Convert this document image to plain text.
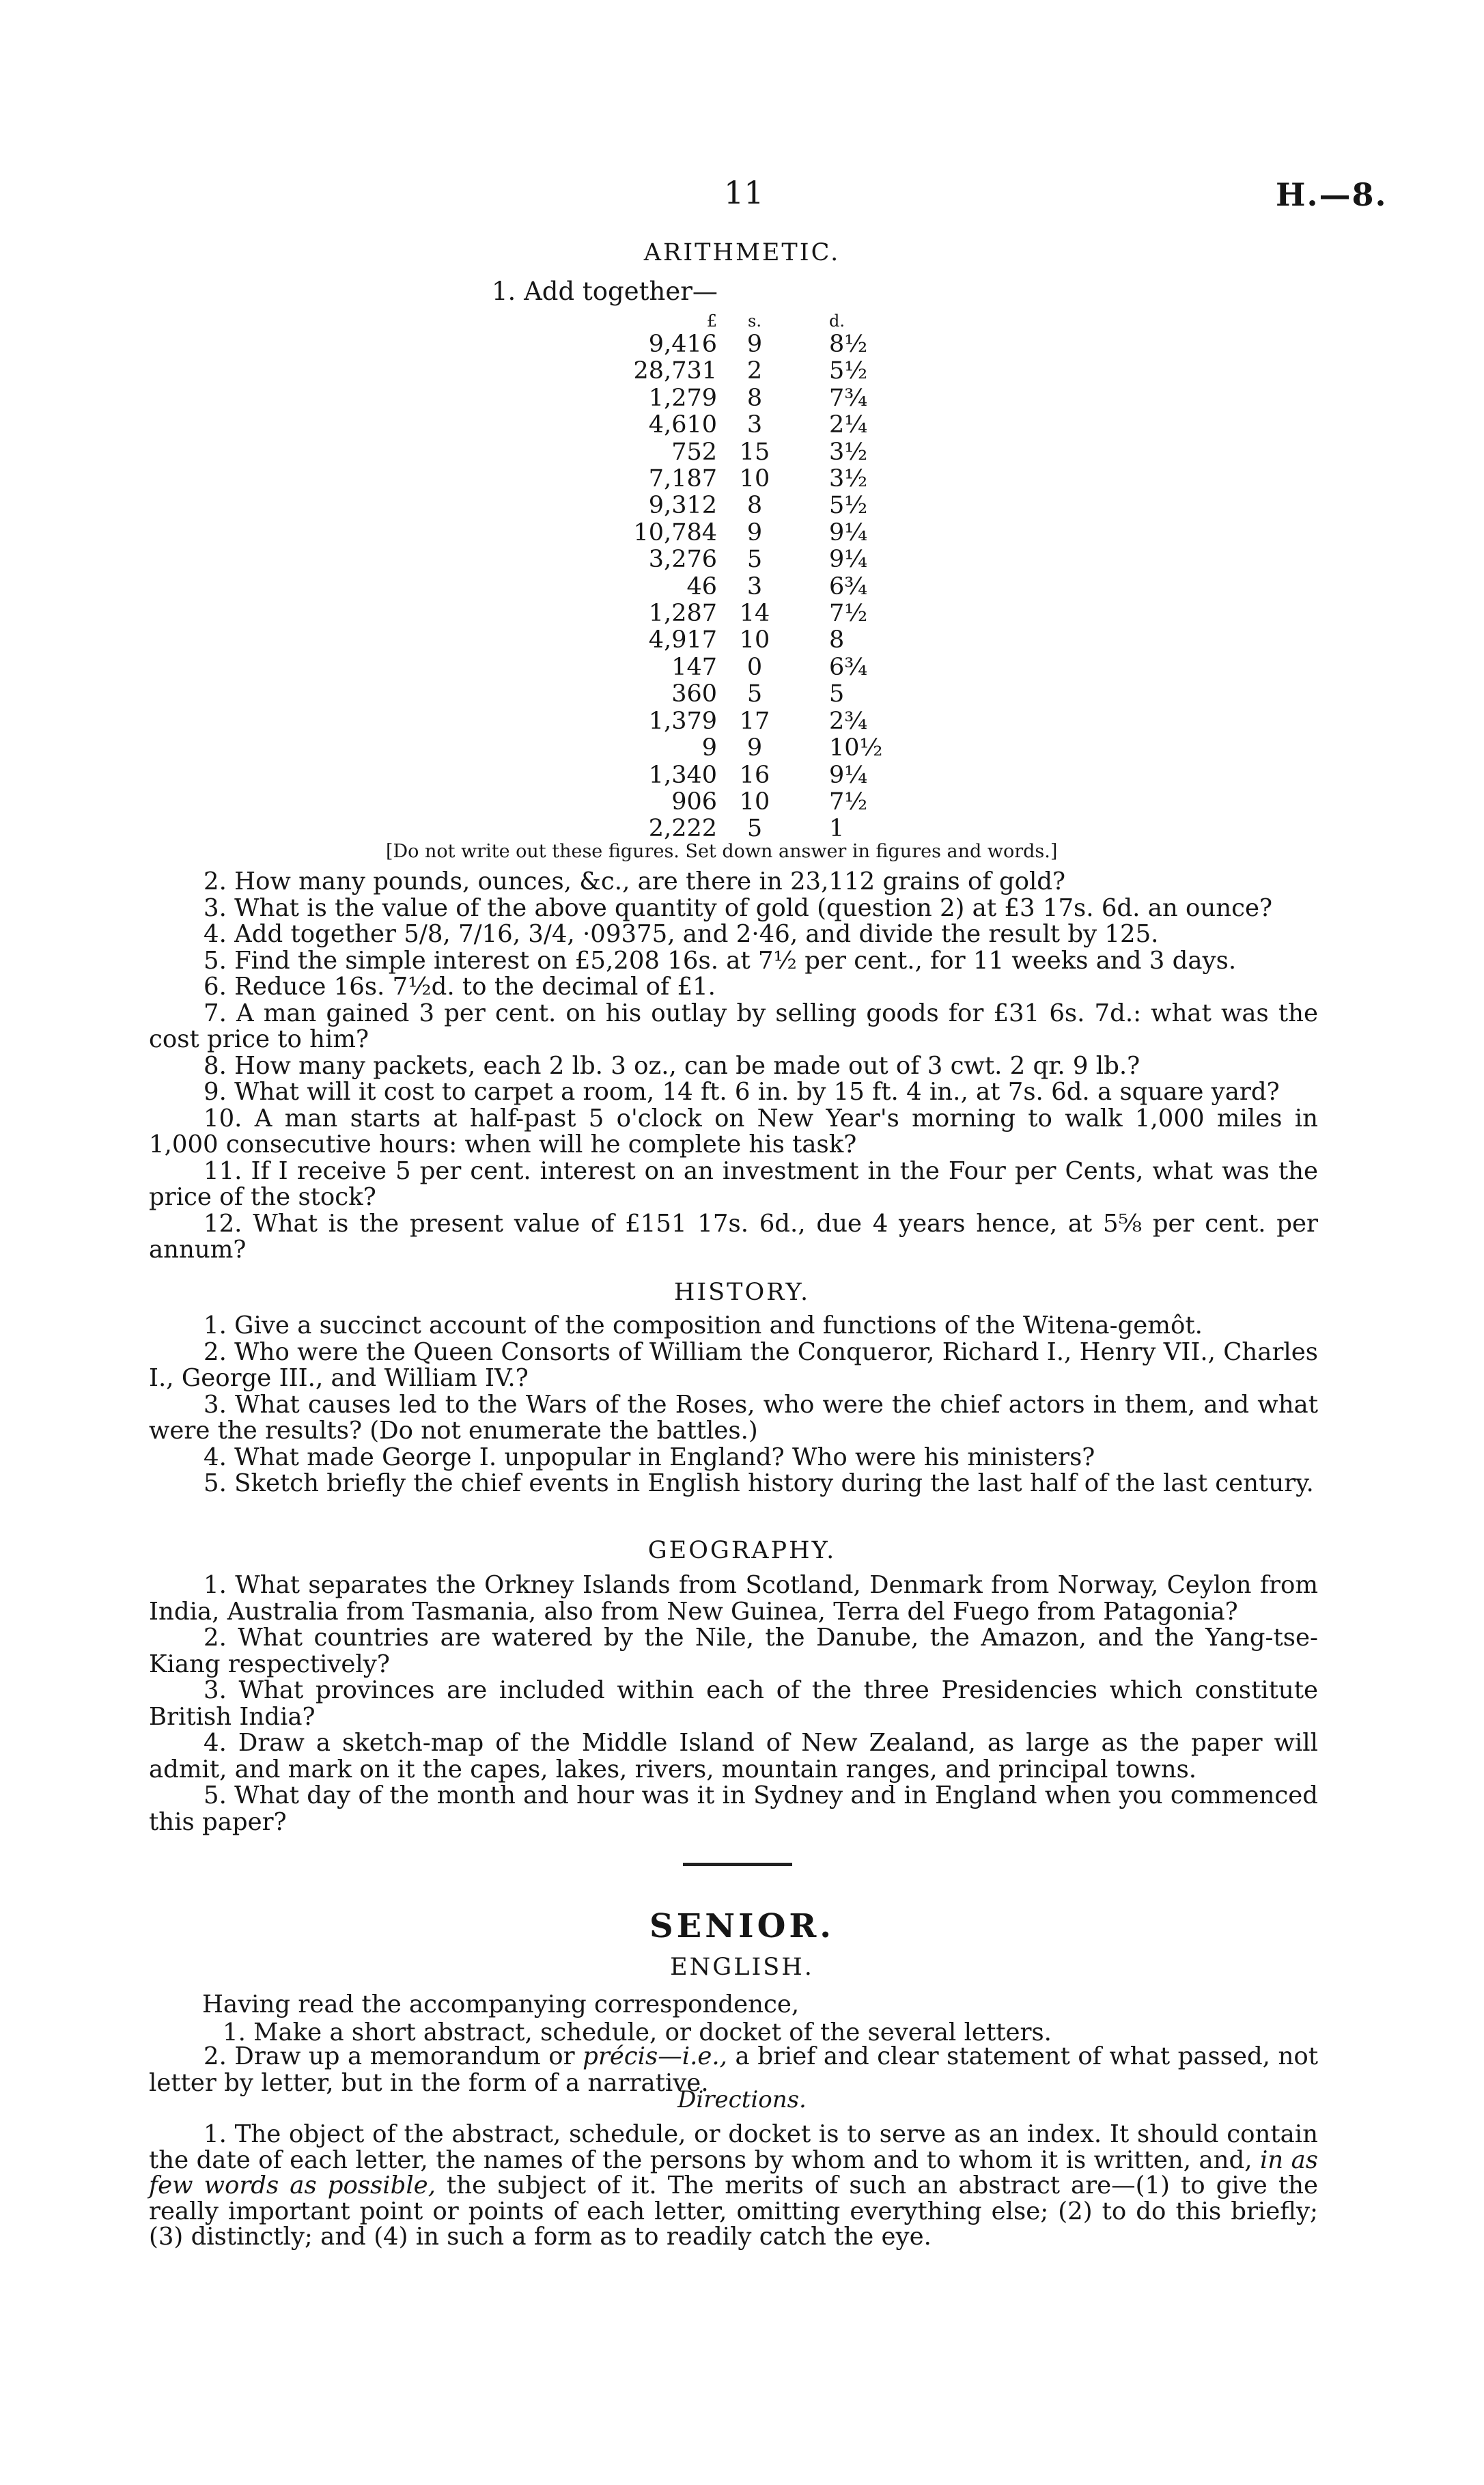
11	H.—8.
ARITHMETIC.
1. Add together—
£	s.	d.
9,416	9	8½
28,731	2	5½
1,279	8	7¾
4,610	3	2¼
752	15	3½
7,187	10	3½
9,312	8	5½
10,784	9	9¼
3,276	5	9¼
46	3	6¾
1,287	14	7½
4,917	10	8
147	0	6¾
360	5	5
1,379	17	2¾
9	9	10½
1,340	16	9¼
906	10	7½
2,222	5	1
[Do not write out these figures. Set down answer in figures and words.]

2. How many pounds, ounces, &c., are there in 23,112 grains of gold?

3. What is the value of the above quantity of gold (question 2) at £3 17s. 6d. an ounce?

4. Add together 5/8, 7/16, 3/4, ·09375, and 2·46, and divide the result by 125.

5. Find the simple interest on £5,208 16s. at 7½ per cent., for 11 weeks and 3 days.

6. Reduce 16s. 7½d. to the decimal of £1.

7. A man gained 3 per cent. on his outlay by selling goods for £31 6s. 7d.: what was the cost price to him?

8. How many packets, each 2 lb. 3 oz., can be made out of 3 cwt. 2 qr. 9 lb.?

9. What will it cost to carpet a room, 14 ft. 6 in. by 15 ft. 4 in., at 7s. 6d. a square yard?

10. A man starts at half-past 5 o'clock on New Year's morning to walk 1,000 miles in 1,000 consecutive hours: when will he complete his task?

11. If I receive 5 per cent. interest on an investment in the Four per Cents, what was the price of the stock?

12. What is the present value of £151 17s. 6d., due 4 years hence, at 5⅝ per cent. per annum?

HISTORY.

1. Give a succinct account of the composition and functions of the Witena-gemôt.

2. Who were the Queen Consorts of William the Conqueror, Richard I., Henry VII., Charles I., George III., and William IV.?

3. What causes led to the Wars of the Roses, who were the chief actors in them, and what were the results? (Do not enumerate the battles.)

4. What made George I. unpopular in England? Who were his ministers?

5. Sketch briefly the chief events in English history during the last half of the last century.

GEOGRAPHY.

1. What separates the Orkney Islands from Scotland, Denmark from Norway, Ceylon from India, Australia from Tasmania, also from New Guinea, Terra del Fuego from Patagonia?

2. What countries are watered by the Nile, the Danube, the Amazon, and the Yang-tse-Kiang respectively?

3. What provinces are included within each of the three Presidencies which constitute British India?

4. Draw a sketch-map of the Middle Island of New Zealand, as large as the paper will admit, and mark on it the capes, lakes, rivers, mountain ranges, and principal towns.

5. What day of the month and hour was it in Sydney and in England when you commenced this paper?

SENIOR.
ENGLISH.
Having read the accompanying correspondence,
1. Make a short abstract, schedule, or docket of the several letters.

2. Draw up a memorandum or précis—i.e., a brief and clear statement of what passed, not letter by letter, but in the form of a narrative.

Directions.

1. The object of the abstract, schedule, or docket is to serve as an index. It should contain the date of each letter, the names of the persons by whom and to whom it is written, and, in as few words as possible, the subject of it. The merits of such an abstract are—(1) to give the really important point or points of each letter, omitting everything else; (2) to do this briefly; (3) distinctly; and (4) in such a form as to readily catch the eye.
